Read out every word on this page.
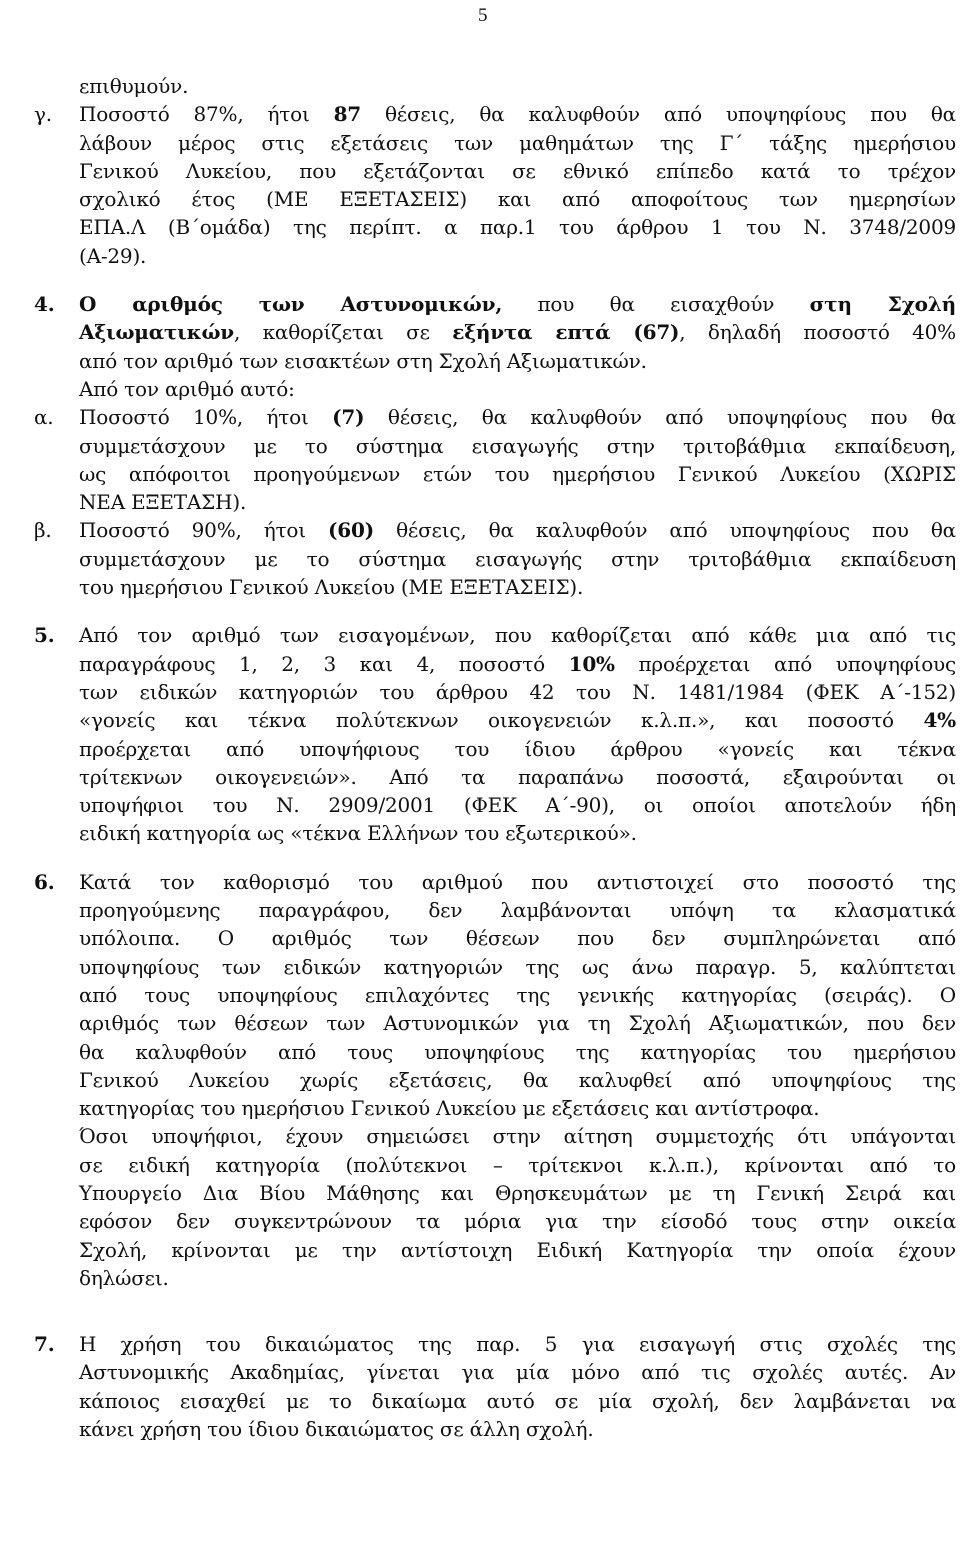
5
επιθυμούν.
γ.	Ποσοστό 87%, ήτοι 87 θέσεις, θα καλυφθούν από υποψηφίους που θα
λάβουν μέρος στις εξετάσεις των μαθημάτων της Γ΄ τάξης ημερήσιου
Γενικού Λυκείου, που εξετάζονται σε εθνικό επίπεδο κατά το τρέχον
σχολικό έτος (ΜΕ ΕΞΕΤΑΣΕΙΣ) και από αποφοίτους των ημερησίων
ΕΠΑ.Λ (Β΄ομάδα) της περίπτ. α παρ.1 του άρθρου 1 του Ν. 3748/2009
(Α-29).
4.	Ο αριθμός των Αστυνομικών, που θα εισαχθούν στη Σχολή
Αξιωματικών, καθορίζεται σε εξήντα επτά (67), δηλαδή ποσοστό 40%
από τον αριθμό των εισακτέων στη Σχολή Αξιωματικών.
Από τον αριθμό αυτό:
α.	Ποσοστό 10%, ήτοι (7) θέσεις, θα καλυφθούν από υποψηφίους που θα
συμμετάσχουν με το σύστημα εισαγωγής στην τριτοβάθμια εκπαίδευση,
ως απόφοιτοι προηγούμενων ετών του ημερήσιου Γενικού Λυκείου (ΧΩΡΙΣ
ΝΕΑ ΕΞΕΤΑΣΗ).
β.	Ποσοστό 90%, ήτοι (60) θέσεις, θα καλυφθούν από υποψηφίους που θα
συμμετάσχουν με το σύστημα εισαγωγής στην τριτοβάθμια εκπαίδευση
του ημερήσιου Γενικού Λυκείου (ΜΕ ΕΞΕΤΑΣΕΙΣ).
5.	Από τον αριθμό των εισαγομένων, που καθορίζεται από κάθε μια από τις
παραγράφους 1, 2, 3 και 4, ποσοστό 10% προέρχεται από υποψηφίους
των ειδικών κατηγοριών του άρθρου 42 του Ν. 1481/1984 (ΦΕΚ Α΄-152)
«γονείς και τέκνα πολύτεκνων οικογενειών κ.λ.π.», και ποσοστό 4%
προέρχεται από υποψήφιους του ίδιου άρθρου «γονείς και τέκνα
τρίτεκνων οικογενειών». Από τα παραπάνω ποσοστά, εξαιρούνται οι
υποψήφιοι του Ν. 2909/2001 (ΦΕΚ Α΄-90), οι οποίοι αποτελούν ήδη
ειδική κατηγορία ως «τέκνα Ελλήνων του εξωτερικού».
6.	Κατά τον καθορισμό του αριθμού που αντιστοιχεί στο ποσοστό της
προηγούμενης παραγράφου, δεν λαμβάνονται υπόψη τα κλασματικά
υπόλοιπα. Ο αριθμός των θέσεων που δεν συμπληρώνεται από
υποψηφίους των ειδικών κατηγοριών της ως άνω παραγρ. 5, καλύπτεται
από τους υποψηφίους επιλαχόντες της γενικής κατηγορίας (σειράς). Ο
αριθμός των θέσεων των Αστυνομικών για τη Σχολή Αξιωματικών, που δεν
θα καλυφθούν από τους υποψηφίους της κατηγορίας του ημερήσιου
Γενικού Λυκείου χωρίς εξετάσεις, θα καλυφθεί από υποψηφίους της
κατηγορίας του ημερήσιου Γενικού Λυκείου με εξετάσεις και αντίστροφα.
Όσοι υποψήφιοι, έχουν σημειώσει στην αίτηση συμμετοχής ότι υπάγονται
σε ειδική κατηγορία (πολύτεκνοι – τρίτεκνοι κ.λ.π.), κρίνονται από το
Υπουργείο Δια Βίου Μάθησης και Θρησκευμάτων με τη Γενική Σειρά και
εφόσον δεν συγκεντρώνουν τα μόρια για την είσοδό τους στην οικεία
Σχολή, κρίνονται με την αντίστοιχη Ειδική Κατηγορία την οποία έχουν
δηλώσει.
7.	Η χρήση του δικαιώματος της παρ. 5 για εισαγωγή στις σχολές της
Αστυνομικής Ακαδημίας, γίνεται για μία μόνο από τις σχολές αυτές. Αν
κάποιος εισαχθεί με το δικαίωμα αυτό σε μία σχολή, δεν λαμβάνεται να
κάνει χρήση του ίδιου δικαιώματος σε άλλη σχολή.
